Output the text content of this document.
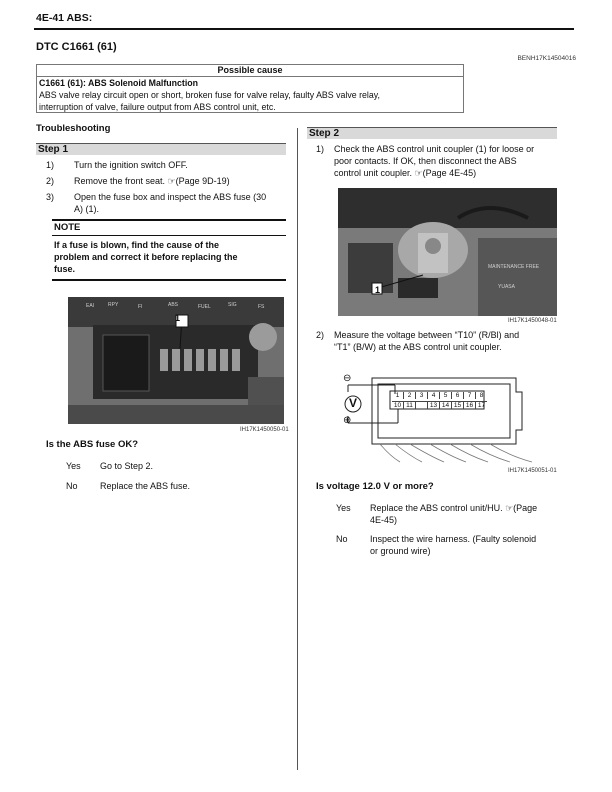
4E-41 ABS:
DTC C1661 (61)
BENH17K14504016
Possible cause
C1661 (61): ABS Solenoid Malfunction
ABS valve relay circuit open or short, broken fuse for valve relay, faulty ABS valve relay,
interruption of valve, failure output from ABS control unit, etc.
Troubleshooting
Step 1
1) Turn the ignition switch OFF.
2) Remove the front seat. ☞(Page 9D-19)
3) Open the fuse box and inspect the ABS fuse (30
A) (1).
NOTE
If a fuse is blown, find the cause of the
problem and correct it before replacing the
fuse.
EAI	RPY	FI	ABS	FUEL	SIG	FS
1
IH17K1450050-01
Is the ABS fuse OK?
Yes Go to Step 2.
No Replace the ABS fuse.
Step 2
1) Check the ABS control unit coupler (1) for loose or
poor contacts. If OK, then disconnect the ABS
control unit coupler. ☞(Page 4E-45)
MAINTENANCE FREE
YUASA
1
IH17K1450048-01
2) Measure the voltage between “T10” (R/Bl) and
“T1” (B/W) at the ABS control unit coupler.
V
⊖
⊕
1	2	3	4	5	6	7	8
10 11	13 14 15 16 17
IH17K1450051-01
Is voltage 12.0 V or more?
Yes Replace the ABS control unit/HU. ☞(Page
4E-45)
No Inspect the wire harness. (Faulty solenoid
or ground wire)
